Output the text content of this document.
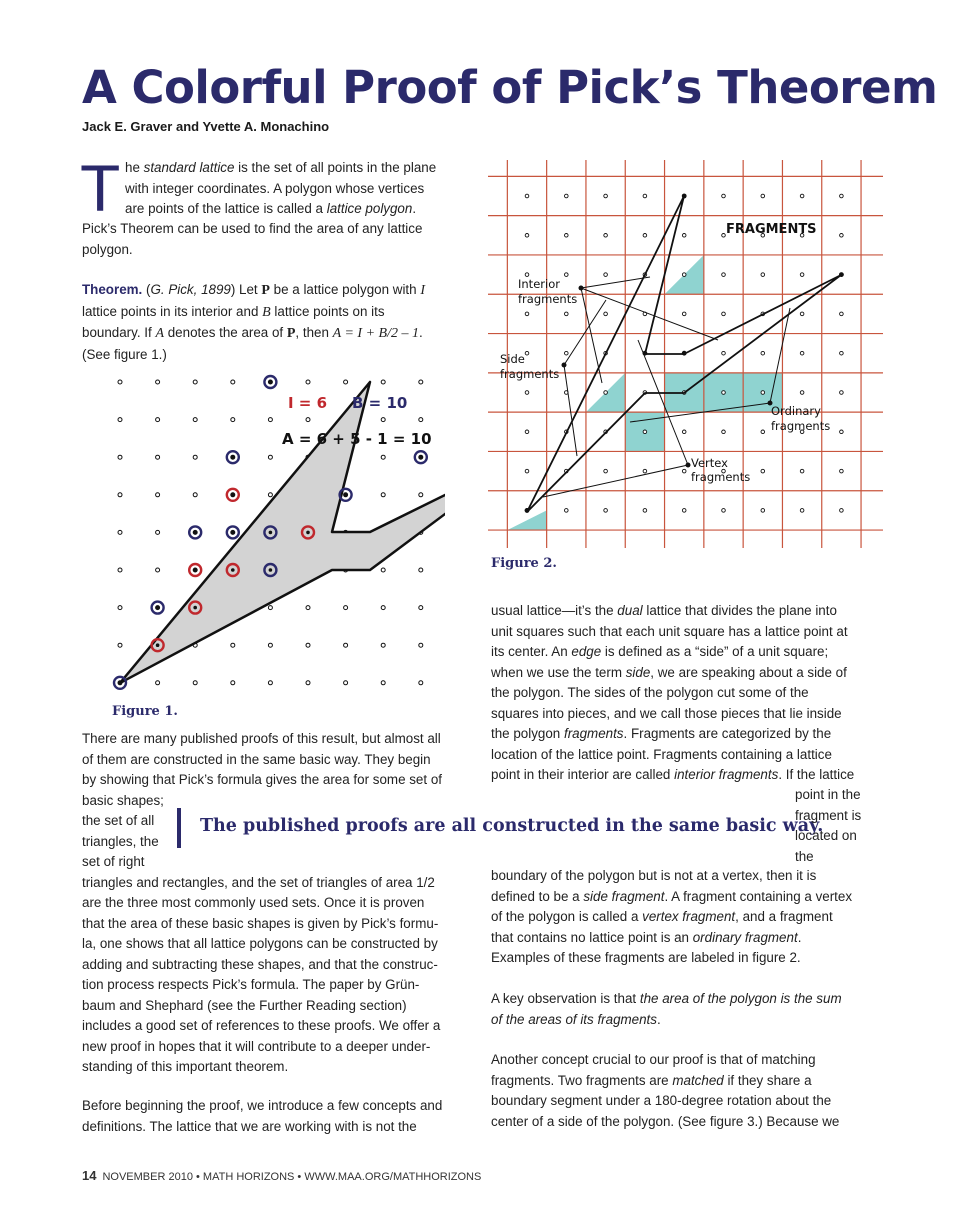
A Colorful Proof of Pick’s Theorem
Jack E. Graver and Yvette A. Monachino
T he standard lattice is the set of all points in the plane
with integer coordinates. A polygon whose vertices
are points of the lattice is called a lattice polygon.
Pick’s Theorem can be used to find the area of any lattice
polygon.
Theorem. (G. Pick, 1899) Let P be a lattice polygon with I
lattice points in its interior and B lattice points on its
boundary. If A denotes the area of P, then A = I + B/2 – 1.
(See figure 1.)
I = 6 B = 10
A = 6 + 5 - 1 = 10
Figure 1.
FRAGMENTS
Interior fragments
Side fragments
Ordinary fragments
Vertex fragments
Figure 2.
There are many published proofs of this result, but almost all
of them are constructed in the same basic way. They begin
by showing that Pick’s formula gives the area for some set of
basic shapes;
the set of all
triangles, the
set of right
triangles and rectangles, and the set of triangles of area 1/2
are the three most commonly used sets. Once it is proven
that the area of these basic shapes is given by Pick’s formu-
la, one shows that all lattice polygons can be constructed by
adding and subtracting these shapes, and that the construc-
tion process respects Pick’s formula. The paper by Grün-
baum and Shephard (see the Further Reading section)
includes a good set of references to these proofs. We offer a
new proof in hopes that it will contribute to a deeper under-
standing of this important theorem.
Before beginning the proof, we introduce a few concepts and
definitions. The lattice that we are working with is not the
The published proofs are all constructed in the same basic way.
usual lattice—it’s the dual lattice that divides the plane into
unit squares such that each unit square has a lattice point at
its center. An edge is defined as a “side” of a unit square;
when we use the term side, we are speaking about a side of
the polygon. The sides of the polygon cut some of the
squares into pieces, and we call those pieces that lie inside
the polygon fragments. Fragments are categorized by the
location of the lattice point. Fragments containing a lattice
point in their interior are called interior fragments. If the lattice
point in the
fragment is
located on
the
boundary of the polygon but is not at a vertex, then it is
defined to be a side fragment. A fragment containing a vertex
of the polygon is called a vertex fragment, and a fragment
that contains no lattice point is an ordinary fragment.
Examples of these fragments are labeled in figure 2.
A key observation is that the area of the polygon is the sum
of the areas of its fragments.
Another concept crucial to our proof is that of matching
fragments. Two fragments are matched if they share a
boundary segment under a 180-degree rotation about the
center of a side of the polygon. (See figure 3.) Because we
14 NOVEMBER 2010 • MATH HORIZONS • WWW.MAA.ORG/MATHHORIZONS
